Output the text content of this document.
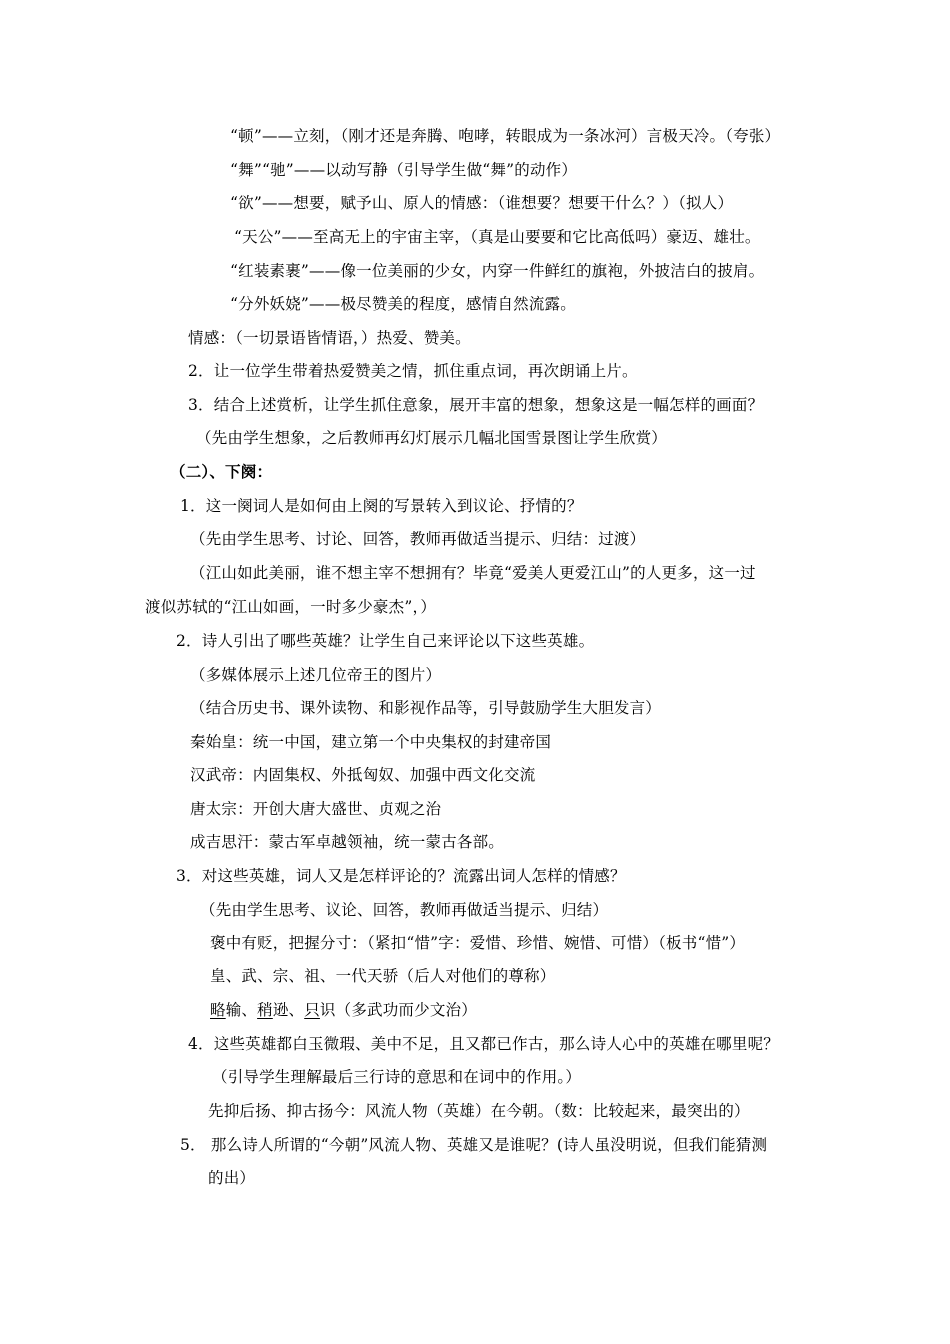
“顿”——立刻，（刚才还是奔腾、咆哮，转眼成为一条冰河）言极天冷。（夸张）
“舞”“驰”——以动写静（引导学生做“舞”的动作）
“欲”——想要，赋予山、原人的情感：（谁想要？想要干什么？）（拟人）
“天公”——至高无上的宇宙主宰，（真是山要要和它比高低吗）豪迈、雄壮。
“红装素裹”——像一位美丽的少女，内穿一件鲜红的旗袍，外披洁白的披肩。
“分外妖娆”——极尽赞美的程度，感情自然流露。
情感：（一切景语皆情语，）热爱、赞美。
2．让一位学生带着热爱赞美之情，抓住重点词，再次朗诵上片。
3．结合上述赏析，让学生抓住意象，展开丰富的想象，想象这是一幅怎样的画面？
（先由学生想象，之后教师再幻灯展示几幅北国雪景图让学生欣赏）
（二）、下阕：
1．这一阕词人是如何由上阕的写景转入到议论、抒情的？
（先由学生思考、讨论、回答，教师再做适当提示、归结：过渡）
（江山如此美丽，谁不想主宰不想拥有？毕竟“爱美人更爱江山”的人更多，这一过
渡似苏轼的“江山如画，一时多少豪杰”，）
2．诗人引出了哪些英雄？让学生自己来评论以下这些英雄。
（多媒体展示上述几位帝王的图片）
（结合历史书、课外读物、和影视作品等，引导鼓励学生大胆发言）
秦始皇：统一中国，建立第一个中央集权的封建帝国
汉武帝：内固集权、外抵匈奴、加强中西文化交流
唐太宗：开创大唐大盛世、贞观之治
成吉思汗：蒙古军卓越领袖，统一蒙古各部。
3．对这些英雄，词人又是怎样评论的？流露出词人怎样的情感？
（先由学生思考、议论、回答，教师再做适当提示、归结）
褒中有贬，把握分寸：（紧扣“惜”字：爱惜、珍惜、婉惜、可惜）（板书“惜”）
皇、武、宗、祖、一代天骄（后人对他们的尊称）
略输、稍逊、只识（多武功而少文治）
4．这些英雄都白玉微瑕、美中不足，且又都已作古，那么诗人心中的英雄在哪里呢？
（引导学生理解最后三行诗的意思和在词中的作用。）
先抑后扬、抑古扬今：风流人物（英雄）在今朝。（数：比较起来，最突出的）
5． 那么诗人所谓的“今朝”风流人物、英雄又是谁呢？(诗人虽没明说，但我们能猜测
的出）
